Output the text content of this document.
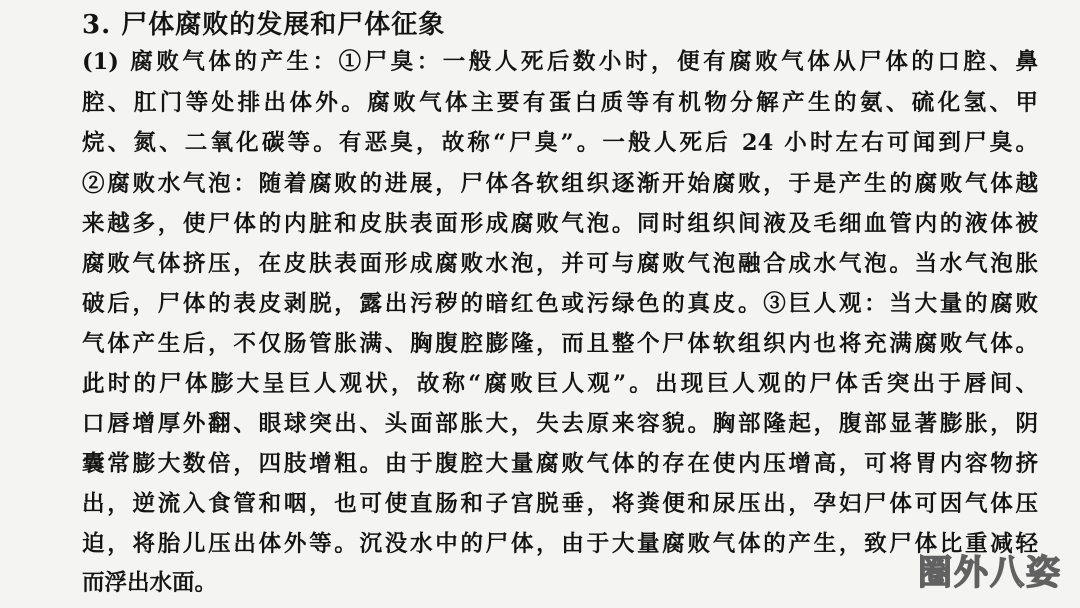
3. 尸体腐败的发展和尸体征象
(1) 腐败气体的产生：①尸臭：一般人死后数小时，便有腐败气体从尸体的口腔、鼻
腔、肛门等处排出体外。腐败气体主要有蛋白质等有机物分解产生的氨、硫化氢、甲
烷、氮、二氧化碳等。有恶臭，故称“尸臭”。一般人死后 24 小时左右可闻到尸臭。
②腐败水气泡：随着腐败的进展，尸体各软组织逐渐开始腐败，于是产生的腐败气体越
来越多，使尸体的内脏和皮肤表面形成腐败气泡。同时组织间液及毛细血管内的液体被
腐败气体挤压，在皮肤表面形成腐败水泡，并可与腐败气泡融合成水气泡。当水气泡胀
破后，尸体的表皮剥脱，露出污秽的暗红色或污绿色的真皮。③巨人观：当大量的腐败
气体产生后，不仅肠管胀满、胸腹腔膨隆，而且整个尸体软组织内也将充满腐败气体。
此时的尸体膨大呈巨人观状，故称“腐败巨人观”。出现巨人观的尸体舌突出于唇间、
口唇增厚外翻、眼球突出、头面部胀大，失去原来容貌。胸部隆起，腹部显著膨胀，阴
囊常膨大数倍，四肢增粗。由于腹腔大量腐败气体的存在使内压增高，可将胃内容物挤
出，逆流入食管和咽，也可使直肠和子宫脱垂，将粪便和尿压出，孕妇尸体可因气体压
迫，将胎儿压出体外等。沉没水中的尸体，由于大量腐败气体的产生，致尸体比重减轻
而浮出水面。	圈外八姿
